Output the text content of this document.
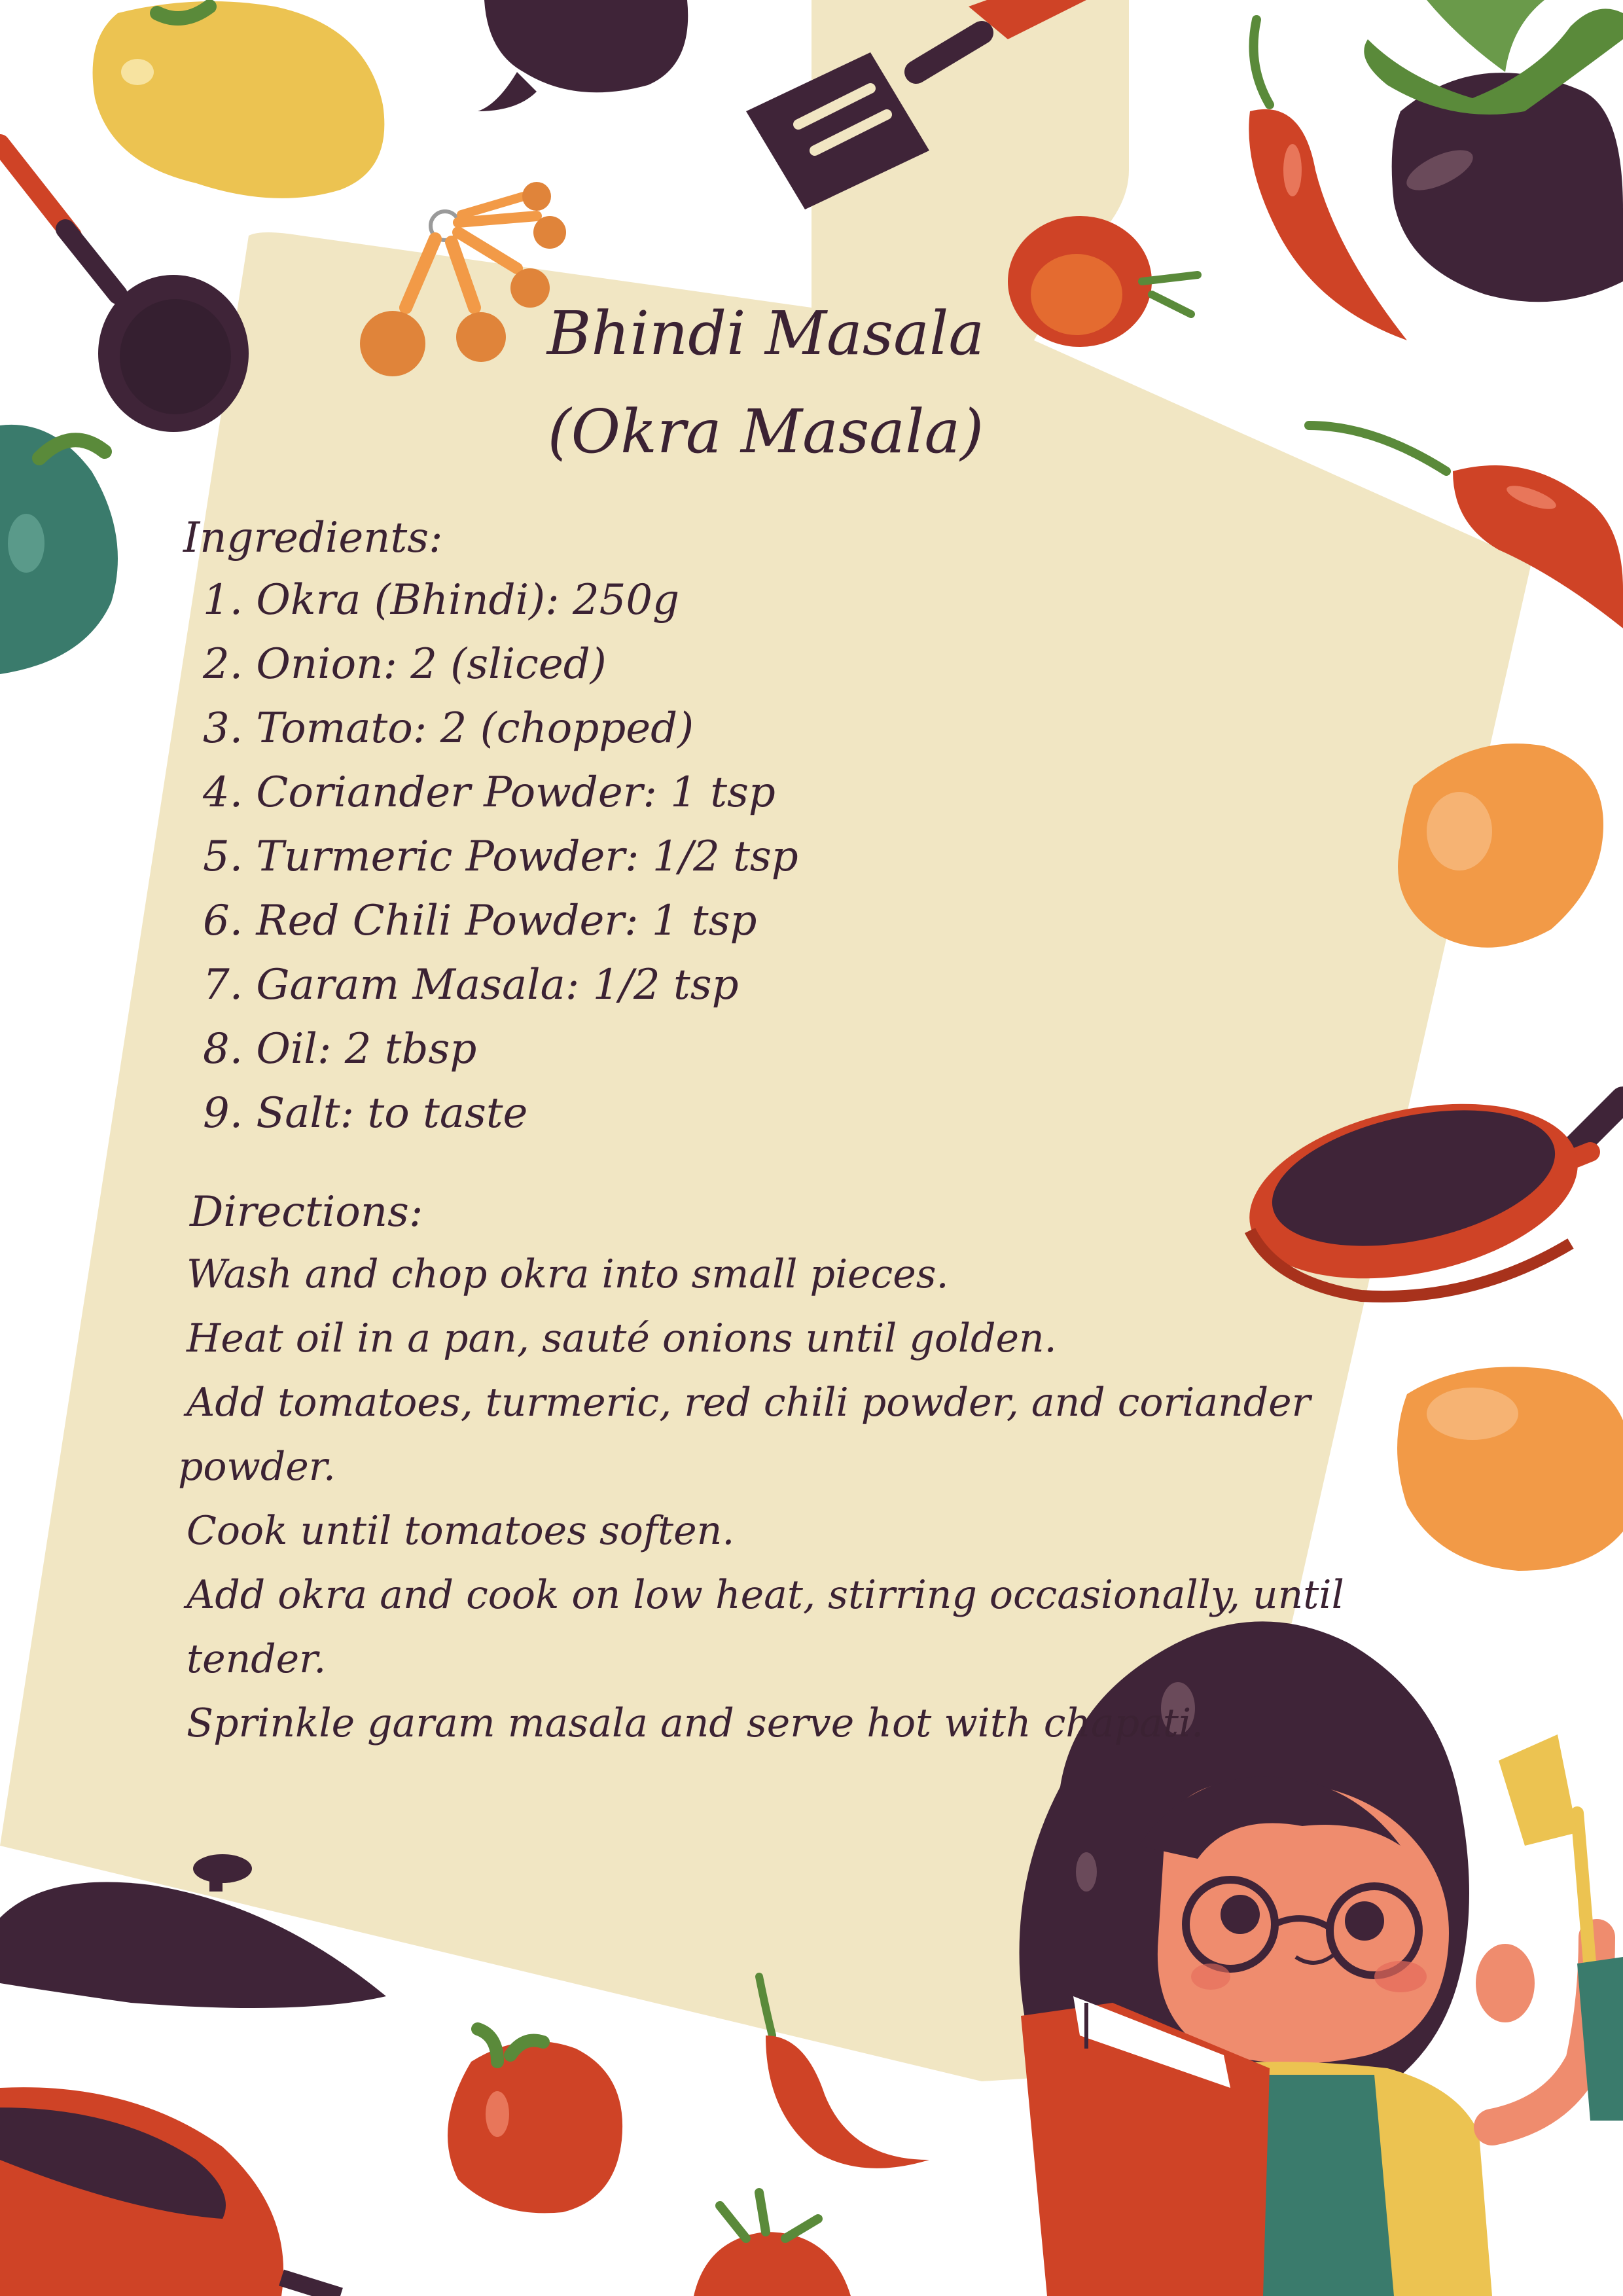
Bhindi Masala
(Okra Masala)
Ingredients:
1. Okra (Bhindi): 250g
2. Onion: 2 (sliced)
3. Tomato: 2 (chopped)
4. Coriander Powder: 1 tsp
5. Turmeric Powder: 1/2 tsp
6. Red Chili Powder: 1 tsp
7. Garam Masala: 1/2 tsp
8. Oil: 2 tbsp
9. Salt: to taste
Directions:
Wash and chop okra into small pieces.
Heat oil in a pan, sauté onions until golden.
Add tomatoes, turmeric, red chili powder, and coriander
powder.
Cook until tomatoes soften.
Add okra and cook on low heat, stirring occasionally, until
tender.
Sprinkle garam masala and serve hot with chapati.
